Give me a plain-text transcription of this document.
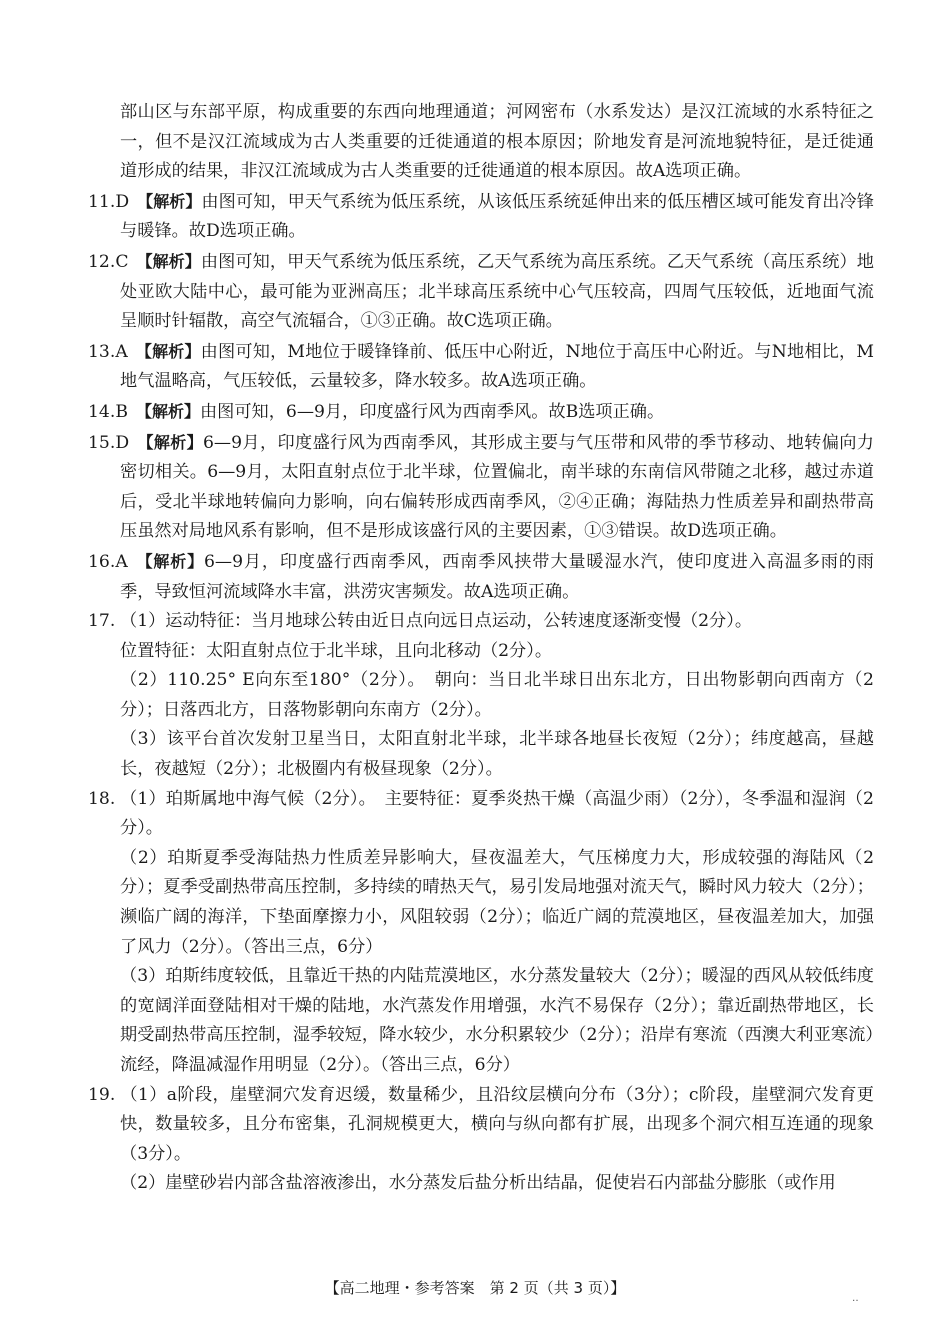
部山区与东部平原，构成重要的东西向地理通道；河网密布（水系发达）是汉江流域的水系特征之一，但不是汉江流域成为古人类重要的迁徙通道的根本原因；阶地发育是河流地貌特征，是迁徙通道形成的结果，非汉江流域成为古人类重要的迁徙通道的根本原因。故A选项正确。

11.D 【解析】由图可知，甲天气系统为低压系统，从该低压系统延伸出来的低压槽区域可能发育出冷锋与暖锋。故D选项正确。

12.C 【解析】由图可知，甲天气系统为低压系统，乙天气系统为高压系统。乙天气系统（高压系统）地处亚欧大陆中心，最可能为亚洲高压；北半球高压系统中心气压较高，四周气压较低，近地面气流呈顺时针辐散，高空气流辐合，①③正确。故C选项正确。

13.A 【解析】由图可知，M地位于暖锋锋前、低压中心附近，N地位于高压中心附近。与N地相比，M地气温略高，气压较低，云量较多，降水较多。故A选项正确。

14.B 【解析】由图可知，6—9月，印度盛行风为西南季风。故B选项正确。

15.D 【解析】6—9月，印度盛行风为西南季风，其形成主要与气压带和风带的季节移动、地转偏向力密切相关。6—9月，太阳直射点位于北半球，位置偏北，南半球的东南信风带随之北移，越过赤道后，受北半球地转偏向力影响，向右偏转形成西南季风，②④正确；海陆热力性质差异和副热带高压虽然对局地风系有影响，但不是形成该盛行风的主要因素，①③错误。故D选项正确。

16.A 【解析】6—9月，印度盛行西南季风，西南季风挟带大量暖湿水汽，使印度进入高温多雨的雨季，导致恒河流域降水丰富，洪涝灾害频发。故A选项正确。

17. （1）运动特征：当月地球公转由近日点向远日点运动，公转速度逐渐变慢（2分）。

位置特征：太阳直射点位于北半球，且向北移动（2分）。

（2）110.25° E向东至180°（2分）。　朝向：当日北半球日出东北方，日出物影朝向西南方（2分）；日落西北方，日落物影朝向东南方（2分）。

（3）该平台首次发射卫星当日，太阳直射北半球，北半球各地昼长夜短（2分）；纬度越高，昼越长，夜越短（2分）；北极圈内有极昼现象（2分）。

18. （1）珀斯属地中海气候（2分）。　主要特征：夏季炎热干燥（高温少雨）（2分），冬季温和湿润（2分）。

（2）珀斯夏季受海陆热力性质差异影响大，昼夜温差大，气压梯度力大，形成较强的海陆风（2分）；夏季受副热带高压控制，多持续的晴热天气，易引发局地强对流天气，瞬时风力较大（2分）；濒临广阔的海洋，下垫面摩擦力小，风阻较弱（2分）；临近广阔的荒漠地区，昼夜温差加大，加强了风力（2分）。（答出三点，6分）

（3）珀斯纬度较低，且靠近干热的内陆荒漠地区，水分蒸发量较大（2分）；暖湿的西风从较低纬度的宽阔洋面登陆相对干燥的陆地，水汽蒸发作用增强，水汽不易保存（2分）；靠近副热带地区，长期受副热带高压控制，湿季较短，降水较少，水分积累较少（2分）；沿岸有寒流（西澳大利亚寒流）流经，降温减湿作用明显（2分）。（答出三点，6分）

19. （1）a阶段，崖壁洞穴发育迟缓，数量稀少，且沿纹层横向分布（3分）；c阶段，崖壁洞穴发育更快，数量较多，且分布密集，孔洞规模更大，横向与纵向都有扩展，出现多个洞穴相互连通的现象（3分）。

（2）崖壁砂岩内部含盐溶液渗出，水分蒸发后盐分析出结晶，促使岩石内部盐分膨胀（或作用

【高二地理・参考答案　第 2 页（共 3 页）】
‥
